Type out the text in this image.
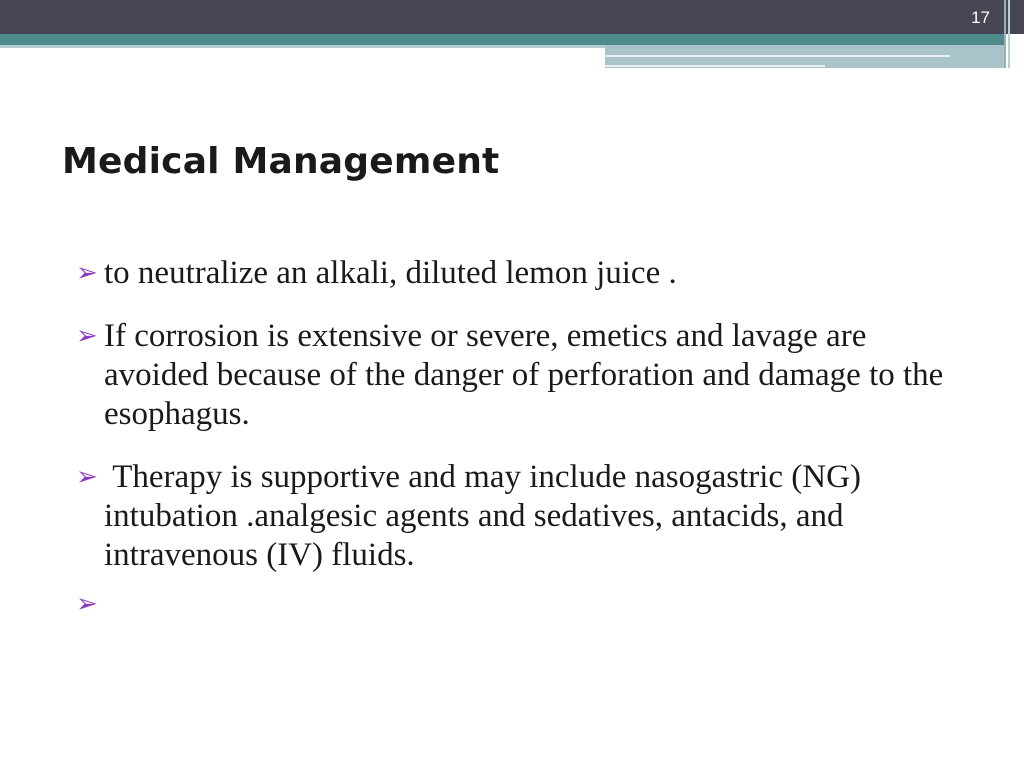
17
Medical Management
➢ to neutralize an alkali, diluted lemon juice .
➢ If corrosion is extensive or severe, emetics and lavage are avoided because of the danger of perforation and damage to the esophagus.
➢ Therapy is supportive and may include nasogastric (NG) intubation .analgesic agents and sedatives, antacids, and intravenous (IV) fluids.
➢
